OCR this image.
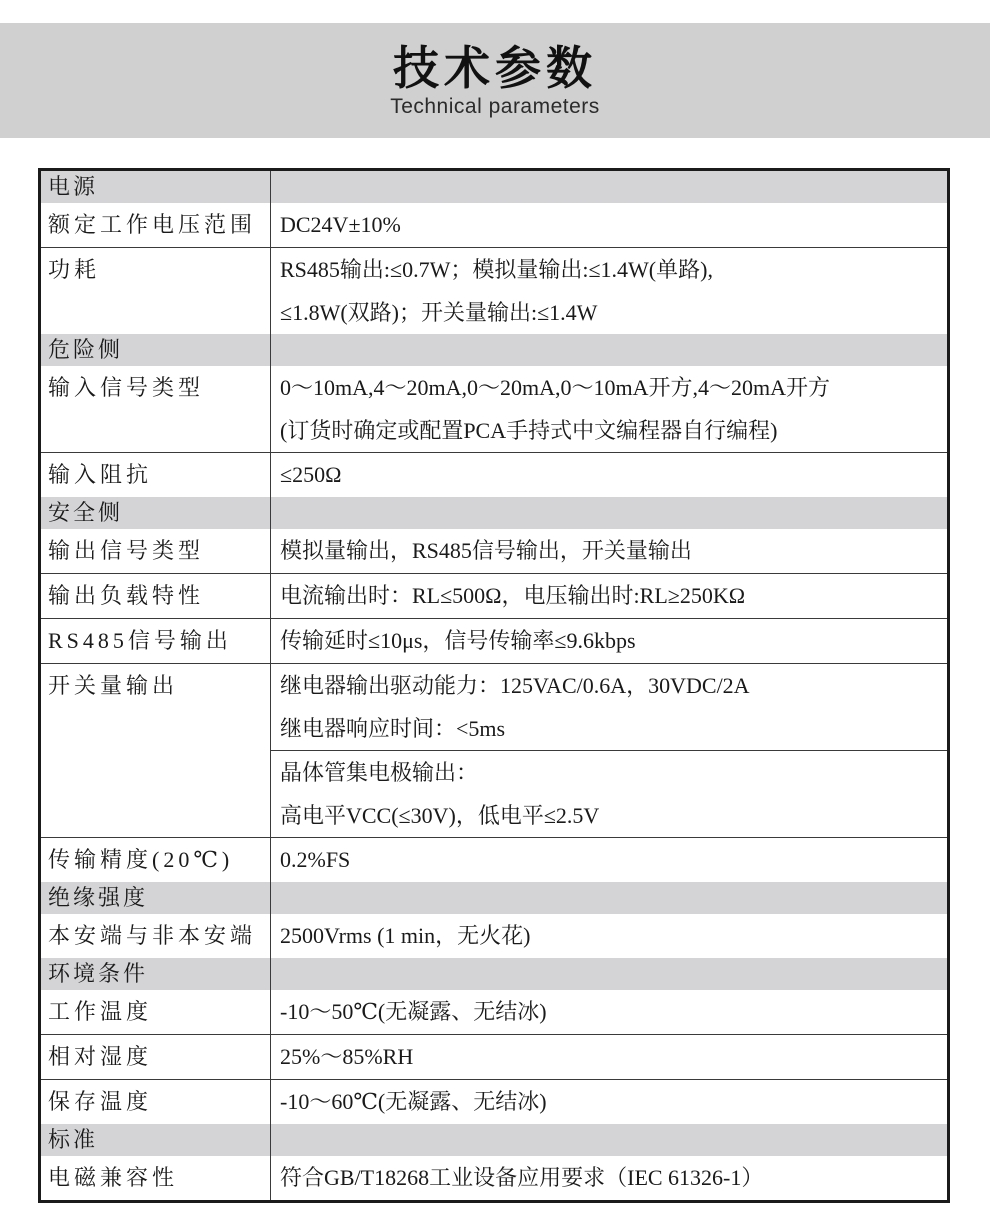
技术参数
Technical parameters
电源	
额定工作电压范围	DC24V±10%
功耗	RS485输出:≤0.7W；模拟量输出:≤1.4W(单路),
≤1.8W(双路)；开关量输出:≤1.4W

危险侧	
输入信号类型	0～10mA,4～20mA,0～20mA,0～10mA开方,4～20mA开方
(订货时确定或配置PCA手持式中文编程器自行编程)

输入阻抗	≤250Ω
安全侧	
输出信号类型	模拟量输出，RS485信号输出，开关量输出
输出负载特性	电流输出时：RL≤500Ω，电压输出时:RL≥250KΩ
RS485信号输出	传输延时≤10μs，信号传输率≤9.6kbps
开关量输出	继电器输出驱动能力：125VAC/0.6A，30VDC/2A
继电器响应时间：<5ms

	晶体管集电极输出：
高电平VCC(≤30V)，低电平≤2.5V

传输精度(20℃)	0.2%FS
绝缘强度	
本安端与非本安端	2500Vrms (1 min，无火花)
环境条件	
工作温度	-10～50℃(无凝露、无结冰)
相对湿度	25%～85%RH
保存温度	-10～60℃(无凝露、无结冰)
标准	
电磁兼容性	符合GB/T18268工业设备应用要求（IEC 61326-1）
